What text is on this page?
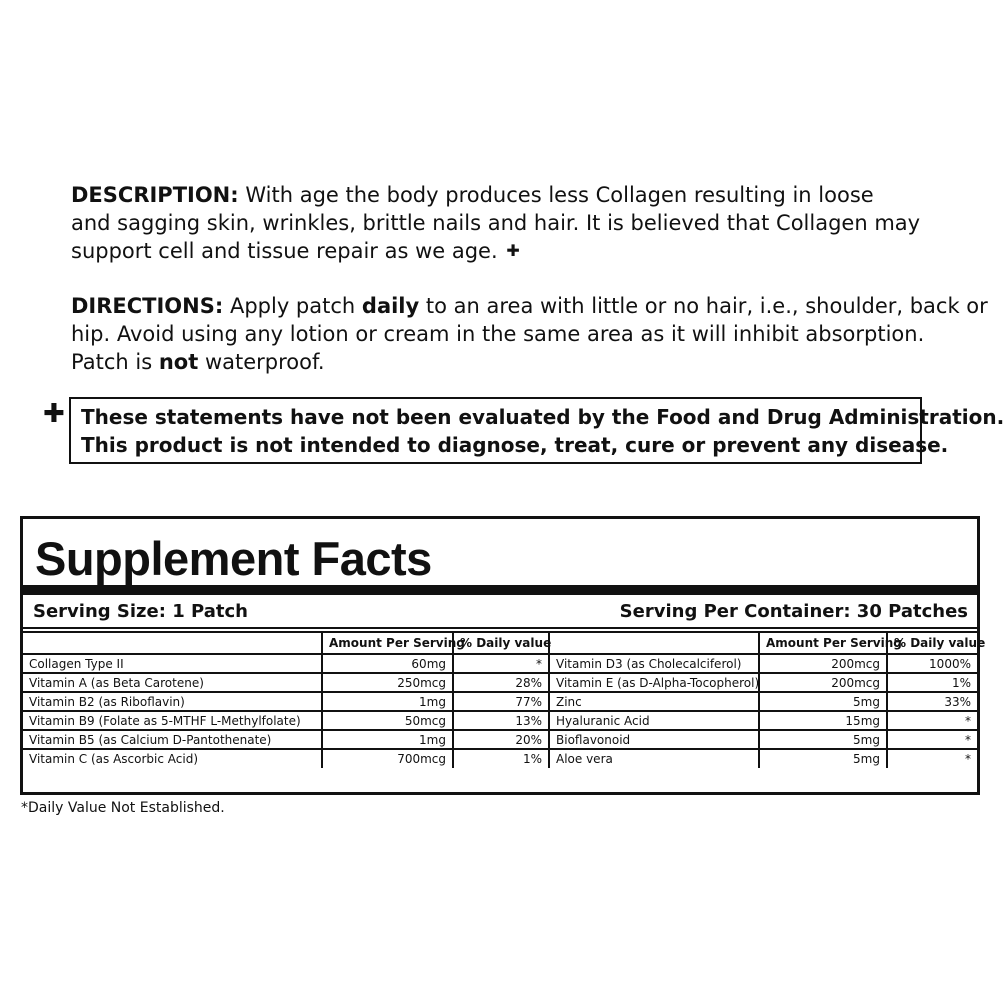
DESCRIPTION: With age the body produces less Collagen resulting in loose
and sagging skin, wrinkles, brittle nails and hair. It is believed that Collagen may
support cell and tissue repair as we age. ✚
DIRECTIONS: Apply patch daily to an area with little or no hair, i.e., shoulder, back or
hip. Avoid using any lotion or cream in the same area as it will inhibit absorption.
Patch is not waterproof.
✚ These statements have not been evaluated by the Food and Drug Administration.
This product is not intended to diagnose, treat, cure or prevent any disease.
Supplement Facts
Serving Size: 1 Patch	Serving Per Container: 30 Patches
	Amount Per Serving	% Daily value		Amount Per Serving	% Daily value
Collagen Type II	60mg	*	Vitamin D3 (as Cholecalciferol)	200mcg	1000%
Vitamin A (as Beta Carotene)	250mcg	28%	Vitamin E (as D-Alpha-Tocopherol)	200mcg	1%
Vitamin B2 (as Riboflavin)	1mg	77%	Zinc	5mg	33%
Vitamin B9 (Folate as 5-MTHF L-Methylfolate)	50mcg	13%	Hyaluranic Acid	15mg	*
Vitamin B5 (as Calcium D-Pantothenate)	1mg	20%	Bioflavonoid	5mg	*
Vitamin C (as Ascorbic Acid)	700mcg	1%	Aloe vera	5mg	*
*Daily Value Not Established.
